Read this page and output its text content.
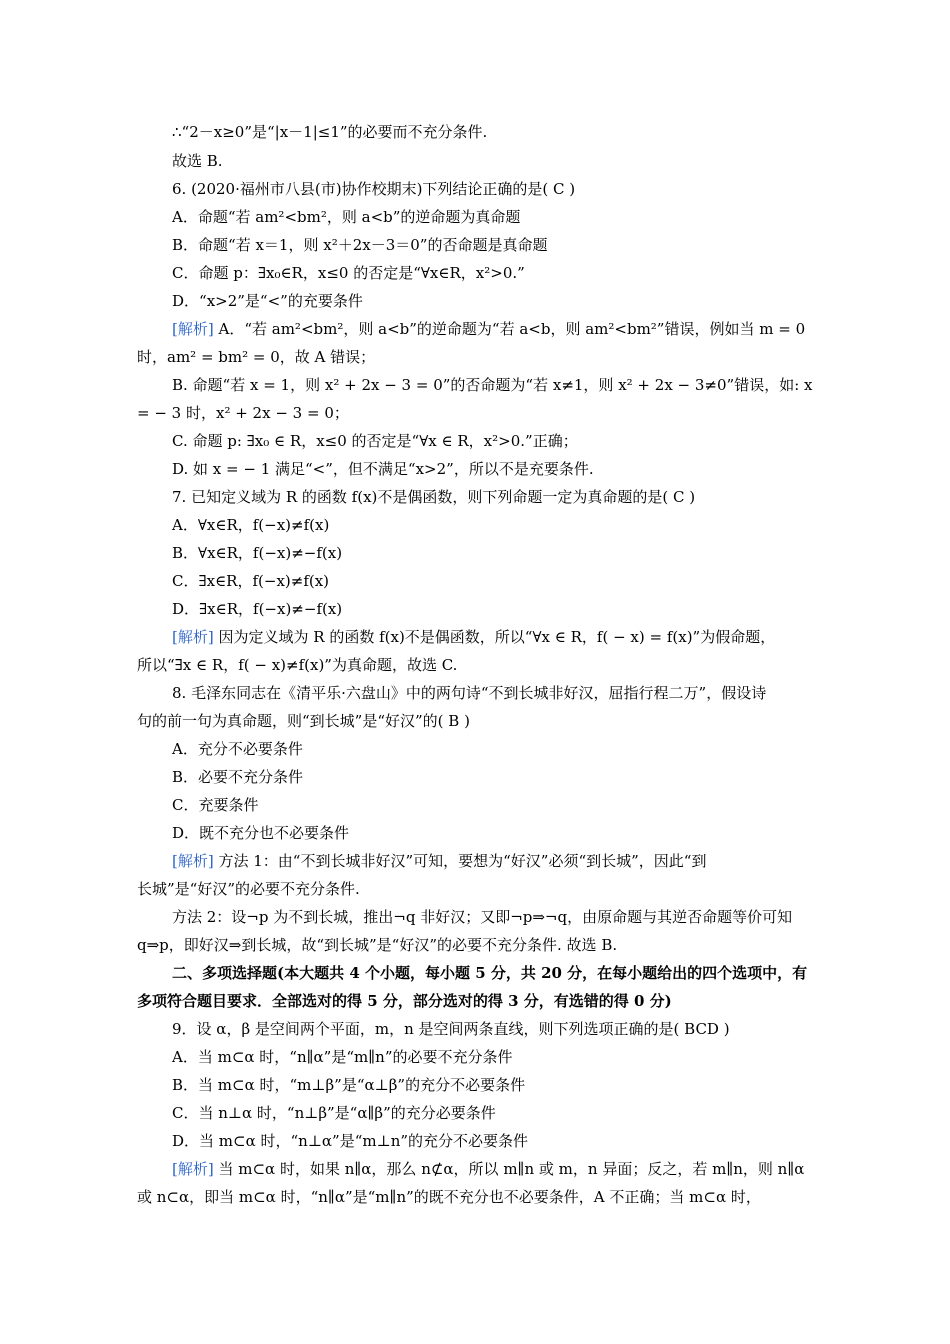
∴“2－x≥0”是“|x－1|≤1”的必要而不充分条件.
故选 B.
6. (2020·福州市八县(市)协作校期末)下列结论正确的是( C )
A．命题“若 am²<bm²，则 a<b”的逆命题为真命题
B．命题“若 x＝1，则 x²＋2x－3＝0”的否命题是真命题
C．命题 p：∃x₀∈R，x≤0 的否定是“∀x∈R，x²>0.”
D．“x>2”是“<”的充要条件
[解析] A．“若 am²<bm²，则 a<b”的逆命题为“若 a<b，则 am²<bm²”错误，例如当 m = 0
时，am² = bm² = 0，故 A 错误；
B. 命题“若 x = 1，则 x² + 2x − 3 = 0”的否命题为“若 x≠1，则 x² + 2x − 3≠0”错误，如: x
= − 3 时，x² + 2x − 3 = 0；
C. 命题 p: ∃x₀ ∈ R，x≤0 的否定是“∀x ∈ R，x²>0.”正确；
D. 如 x = − 1 满足“<”，但不满足“x>2”，所以不是充要条件.
7. 已知定义域为 R 的函数 f(x)不是偶函数，则下列命题一定为真命题的是( C )
A．∀x∈R，f(−x)≠f(x)
B．∀x∈R，f(−x)≠−f(x)
C．∃x∈R，f(−x)≠f(x)
D．∃x∈R，f(−x)≠−f(x)
[解析] 因为定义域为 R 的函数 f(x)不是偶函数，所以“∀x ∈ R，f( − x) = f(x)”为假命题，
所以“∃x ∈ R，f( − x)≠f(x)”为真命题，故选 C.
8. 毛泽东同志在《清平乐·六盘山》中的两句诗“不到长城非好汉，屈指行程二万”，假设诗
句的前一句为真命题，则“到长城”是“好汉”的( B )
A．充分不必要条件
B．必要不充分条件
C．充要条件
D．既不充分也不必要条件
[解析] 方法 1：由“不到长城非好汉”可知，要想为“好汉”必须“到长城”，因此“到
长城”是“好汉”的必要不充分条件.
方法 2：设¬p 为不到长城，推出¬q 非好汉；又即¬p⇒¬q，由原命题与其逆否命题等价可知
q⇒p，即好汉⇒到长城，故“到长城”是“好汉”的必要不充分条件. 故选 B.
二、多项选择题(本大题共 4 个小题，每小题 5 分，共 20 分，在每小题给出的四个选项中，有
多项符合题目要求．全部选对的得 5 分，部分选对的得 3 分，有选错的得 0 分)
9．设 α，β 是空间两个平面，m，n 是空间两条直线，则下列选项正确的是( BCD )
A．当 m⊂α 时，“n∥α”是“m∥n”的必要不充分条件
B．当 m⊂α 时，“m⊥β”是“α⊥β”的充分不必要条件
C．当 n⊥α 时，“n⊥β”是“α∥β”的充分必要条件
D．当 m⊂α 时，“n⊥α”是“m⊥n”的充分不必要条件
[解析] 当 m⊂α 时，如果 n∥α，那么 n⊄α，所以 m∥n 或 m，n 异面；反之，若 m∥n，则 n∥α
或 n⊂α，即当 m⊂α 时，“n∥α”是“m∥n”的既不充分也不必要条件，A 不正确；当 m⊂α 时，
